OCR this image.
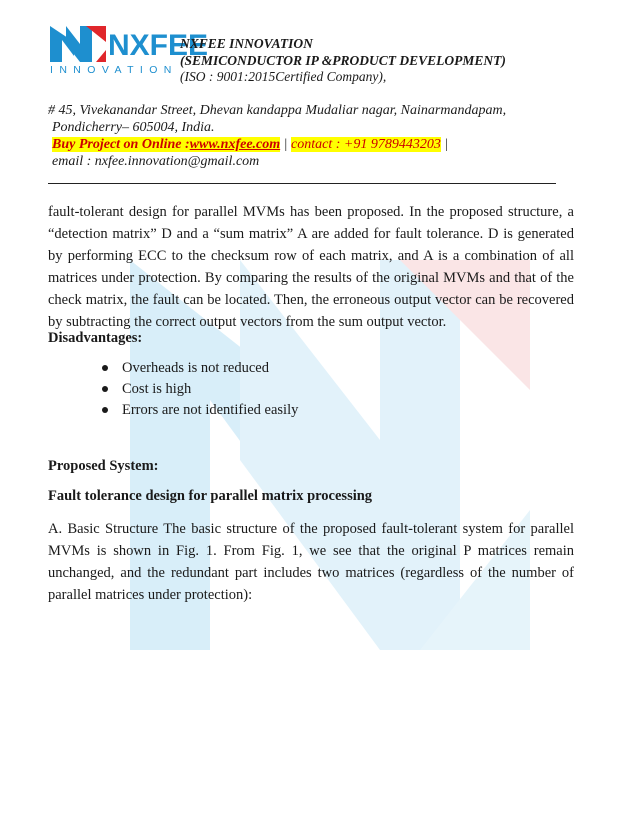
NXFEE
INNOVATION
NXFEE INNOVATION
(SEMICONDUCTOR IP &PRODUCT DEVELOPMENT)
(ISO : 9001:2015Certified Company),
# 45, Vivekanandar Street, Dhevan kandappa Mudaliar nagar, Nainarmandapam,
Pondicherry– 605004, India.
Buy Project on Online :www.nxfee.com | contact : +91 9789443203 |
email : nxfee.innovation@gmail.com
fault-tolerant design for parallel MVMs has been proposed. In the proposed structure, a “detection matrix” D and a “sum matrix” A are added for fault tolerance. D is generated by performing ECC to the checksum row of each matrix, and A is a combination of all matrices under protection. By comparing the results of the original MVMs and that of the check matrix, the fault can be located. Then, the erroneous output vector can be recovered by subtracting the correct output vectors from the sum output vector.
Disadvantages:
Overheads is not reduced
Cost is high
Errors are not identified easily
Proposed System:
Fault tolerance design for parallel matrix processing
A. Basic Structure The basic structure of the proposed fault-tolerant system for parallel MVMs is shown in Fig. 1. From Fig. 1, we see that the original P matrices remain unchanged, and the redundant part includes two matrices (regardless of the number of parallel matrices under protection):
